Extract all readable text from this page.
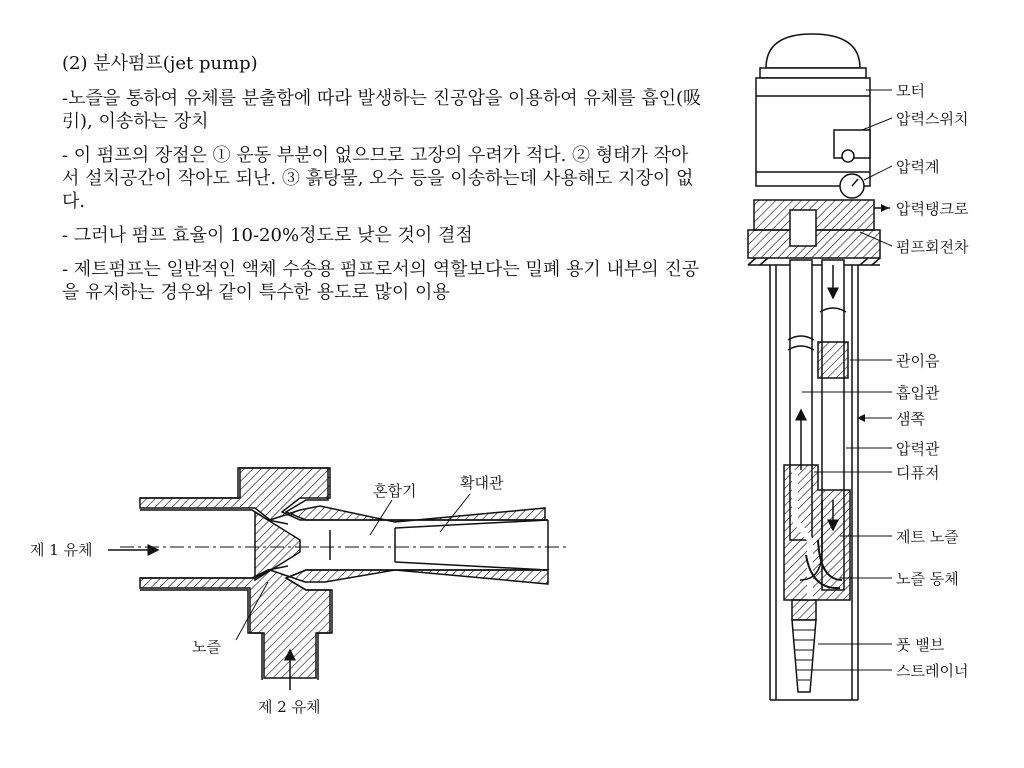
(2) 분사펌프(jet pump)

-노즐을 통하여 유체를 분출함에 따라 발생하는 진공압을 이용하여 유체를 흡인(吸引), 이송하는 장치

- 이 펌프의 장점은 ① 운동 부분이 없으므로 고장의 우려가 적다. ② 형태가 작아서 설치공간이 작아도 되난. ③ 흙탕물, 오수 등을 이송하는데 사용해도 지장이 없다.

- 그러나 펌프 효율이 10-20%정도로 낮은 것이 결점

- 제트펌프는 일반적인 액체 수송용 펌프로서의 역할보다는 밀폐 용기 내부의 진공을 유지하는 경우와 같이 특수한 용도로 많이 이용

혼합기	확대관
제 1 유체
노즐
제 2 유체
모터
압력스위치
압력계
압력탱크로
펌프회전차
관이음
흡입관
샘쪽
압력관
디퓨저
제트 노즐
노즐 동체
풋 밸브
스트레이너
